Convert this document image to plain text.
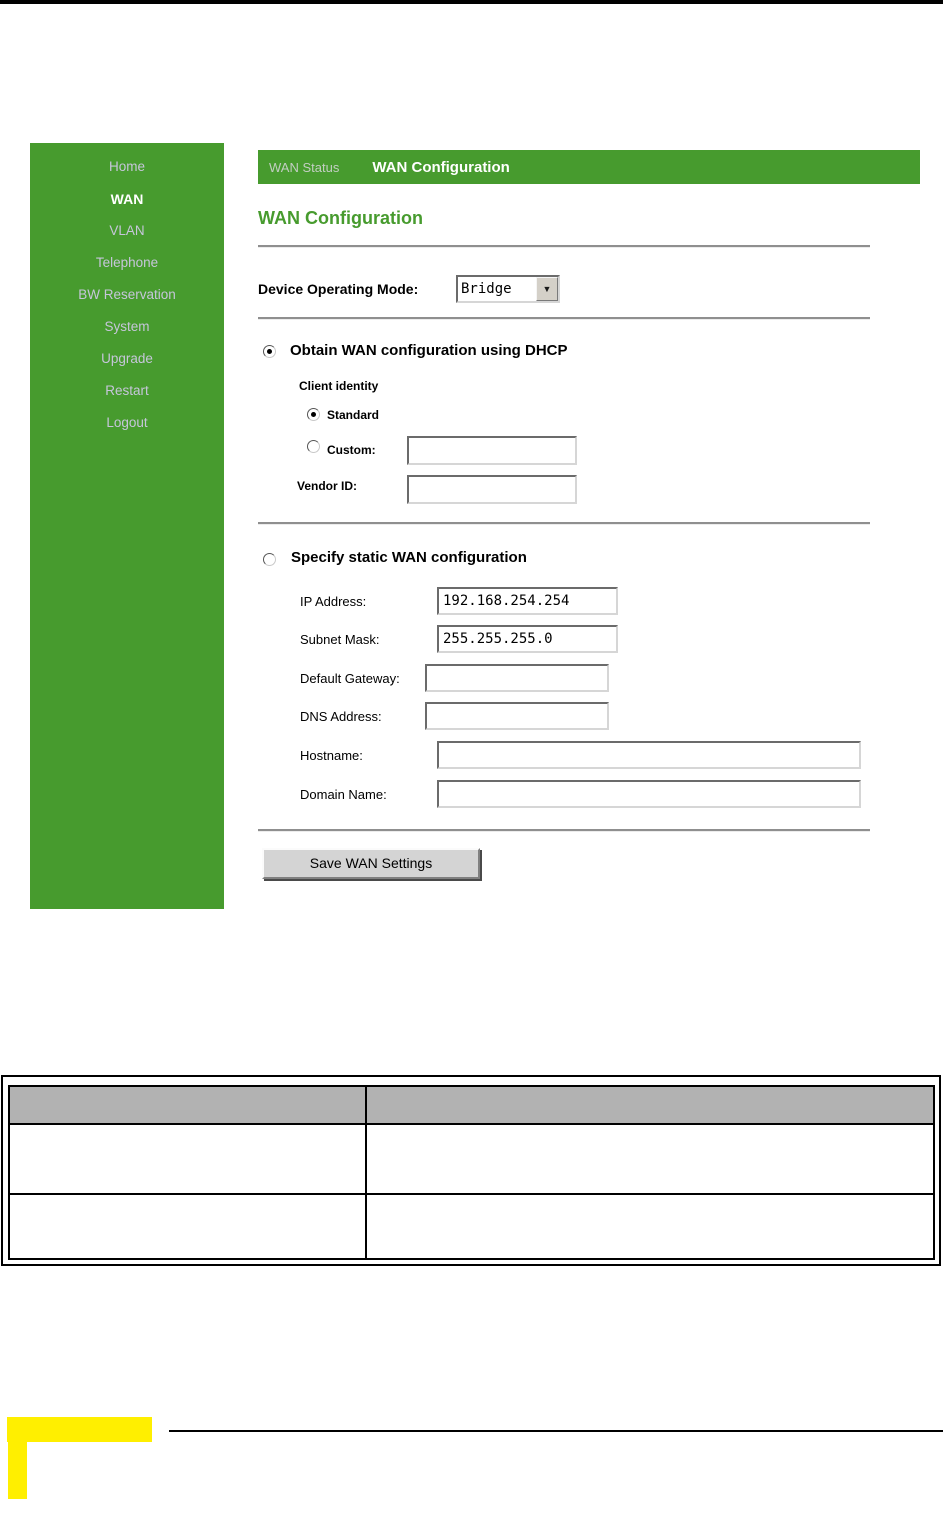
Home
WAN
VLAN
Telephone
BW Reservation
System
Upgrade
Restart
Logout
WAN Status WAN Configuration
WAN Configuration
Device Operating Mode:	Bridge	▼
Obtain WAN configuration using DHCP
Client identity
Standard
Custom:
Vendor ID:
Specify static WAN configuration
IP Address:
192.168.254.254
Subnet Mask:
255.255.255.0
Default Gateway:
DNS Address:
Hostname:
Domain Name:
Save WAN Settings
